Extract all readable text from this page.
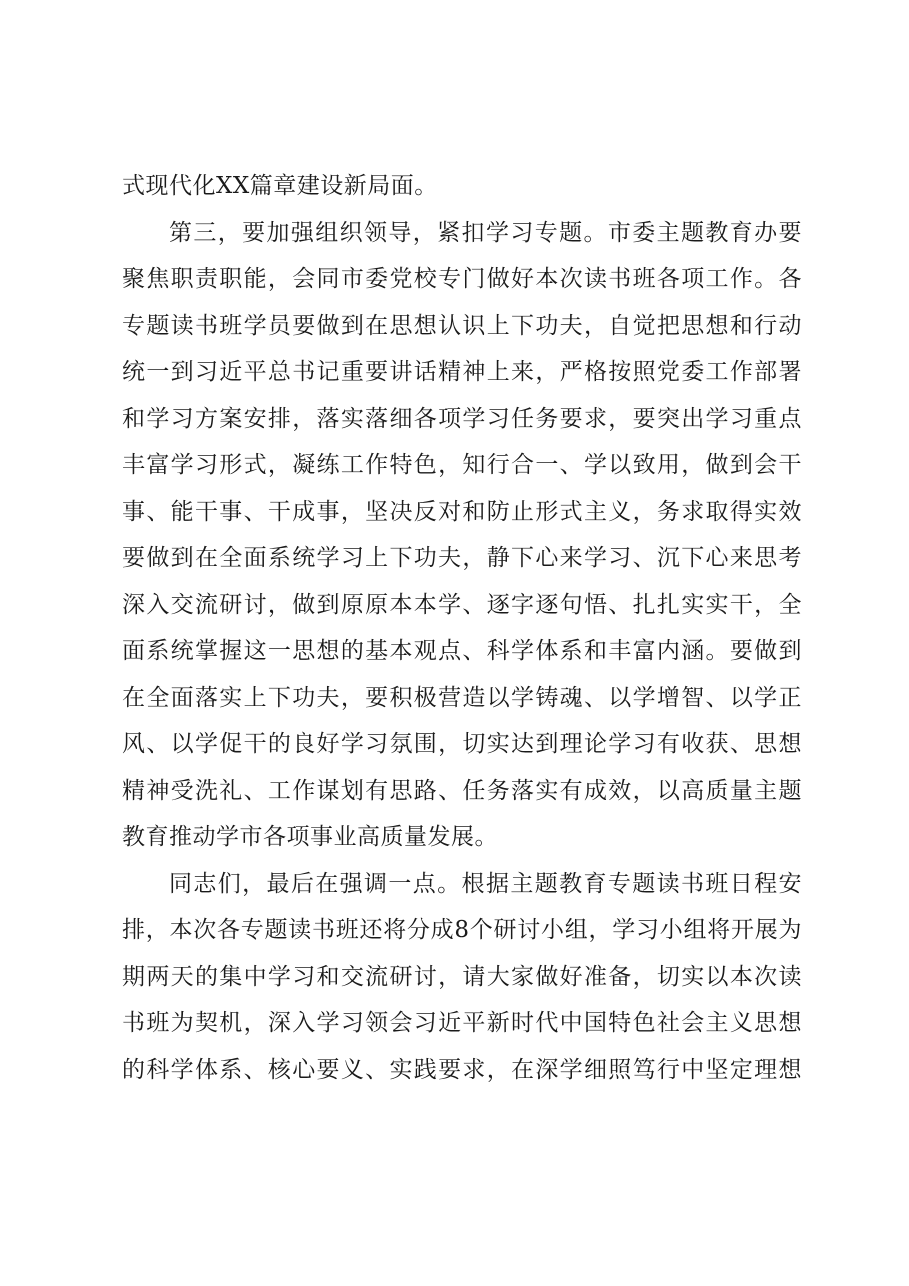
式现代化XX篇章建设新局面。
第三，要加强组织领导，紧扣学习专题。市委主题教育办要
聚焦职责职能，会同市委党校专门做好本次读书班各项工作。各
专题读书班学员要做到在思想认识上下功夫，自觉把思想和行动
统一到习近平总书记重要讲话精神上来，严格按照党委工作部署
和学习方案安排，落实落细各项学习任务要求，要突出学习重点
丰富学习形式，凝练工作特色，知行合一、学以致用，做到会干
事、能干事、干成事，坚决反对和防止形式主义，务求取得实效
要做到在全面系统学习上下功夫，静下心来学习、沉下心来思考
深入交流研讨，做到原原本本学、逐字逐句悟、扎扎实实干，全
面系统掌握这一思想的基本观点、科学体系和丰富内涵。要做到
在全面落实上下功夫，要积极营造以学铸魂、以学增智、以学正
风、以学促干的良好学习氛围，切实达到理论学习有收获、思想
精神受洗礼、工作谋划有思路、任务落实有成效，以高质量主题
教育推动学市各项事业高质量发展。
同志们，最后在强调一点。根据主题教育专题读书班日程安
排，本次各专题读书班还将分成8个研讨小组，学习小组将开展为
期两天的集中学习和交流研讨，请大家做好准备，切实以本次读
书班为契机，深入学习领会习近平新时代中国特色社会主义思想
的科学体系、核心要义、实践要求，在深学细照笃行中坚定理想
